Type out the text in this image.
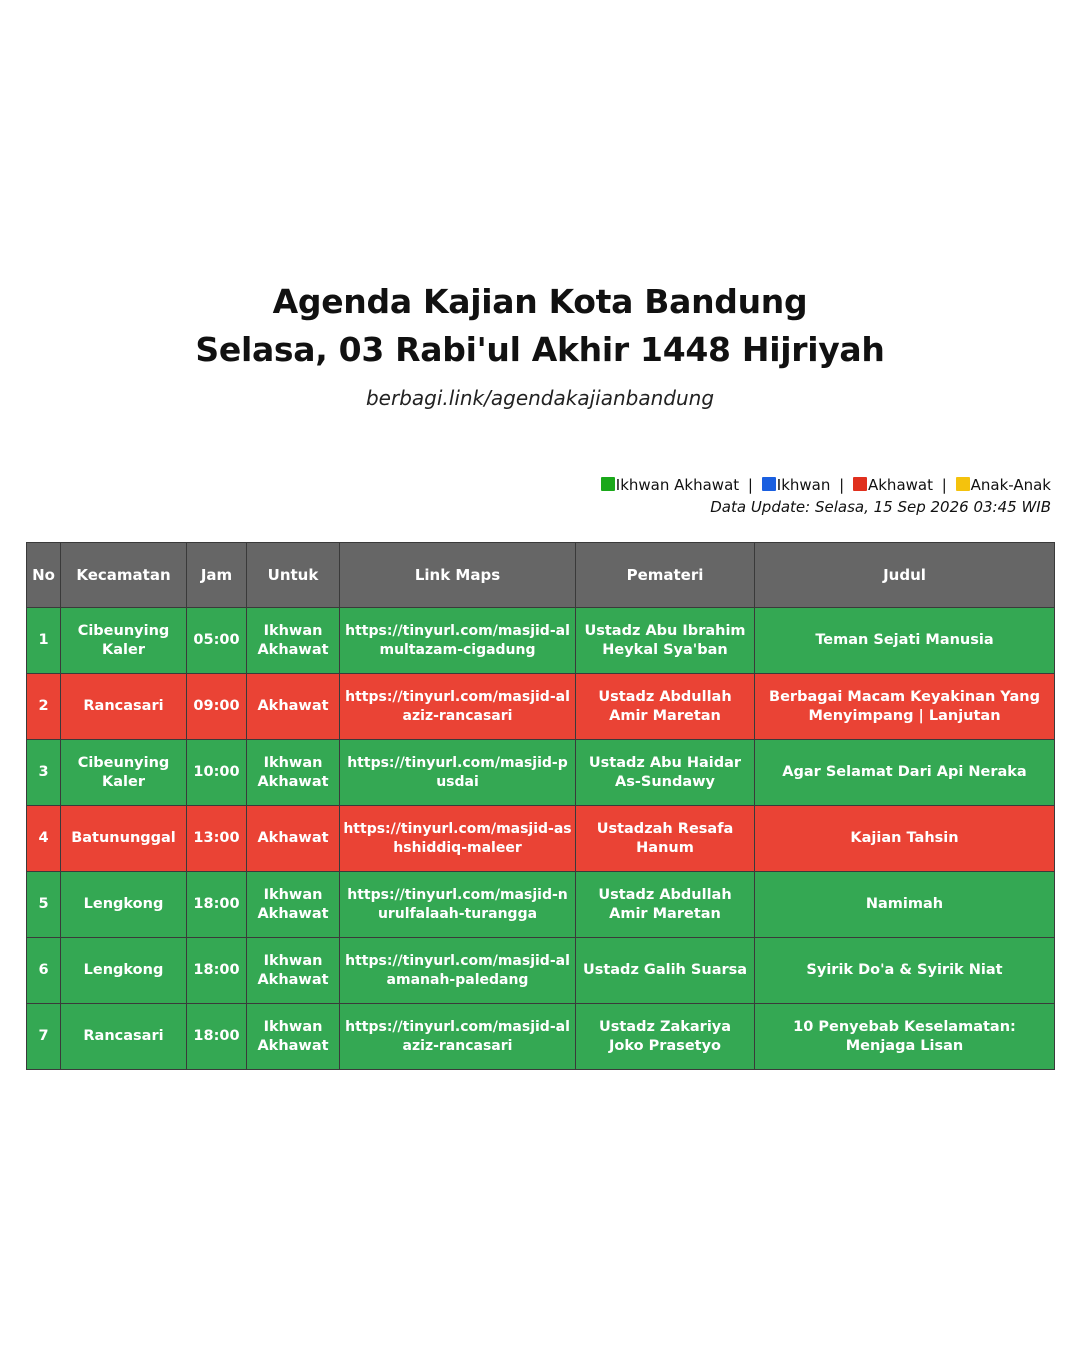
Agenda Kajian Kota Bandung
Selasa, 03 Rabi'ul Akhir 1448 Hijriyah
berbagi.link/agendakajianbandung
Ikhwan Akhawat | Ikhwan | Akhawat | Anak-Anak
Data Update: Selasa, 15 Sep 2026 03:45 WIB
No	Kecamatan	Jam	Untuk	Link Maps	Pemateri	Judul
1	Cibeunying Kaler	05:00	Ikhwan Akhawat	https://tinyurl.com/masjid-almultazam-cigadung	Ustadz Abu Ibrahim Heykal Sya'ban	Teman Sejati Manusia
2	Rancasari	09:00	Akhawat	https://tinyurl.com/masjid-alaziz-rancasari	Ustadz Abdullah Amir Maretan	Berbagai Macam Keyakinan Yang Menyimpang | Lanjutan
3	Cibeunying Kaler	10:00	Ikhwan Akhawat	https://tinyurl.com/masjid-pusdai	Ustadz Abu Haidar As-Sundawy	Agar Selamat Dari Api Neraka
4	Batununggal	13:00	Akhawat	https://tinyurl.com/masjid-ashshiddiq-maleer	Ustadzah Resafa Hanum	Kajian Tahsin
5	Lengkong	18:00	Ikhwan Akhawat	https://tinyurl.com/masjid-nurulfalaah-turangga	Ustadz Abdullah Amir Maretan	Namimah
6	Lengkong	18:00	Ikhwan Akhawat	https://tinyurl.com/masjid-alamanah-paledang	Ustadz Galih Suarsa	Syirik Do'a & Syirik Niat
7	Rancasari	18:00	Ikhwan Akhawat	https://tinyurl.com/masjid-alaziz-rancasari	Ustadz Zakariya Joko Prasetyo	10 Penyebab Keselamatan: Menjaga Lisan
